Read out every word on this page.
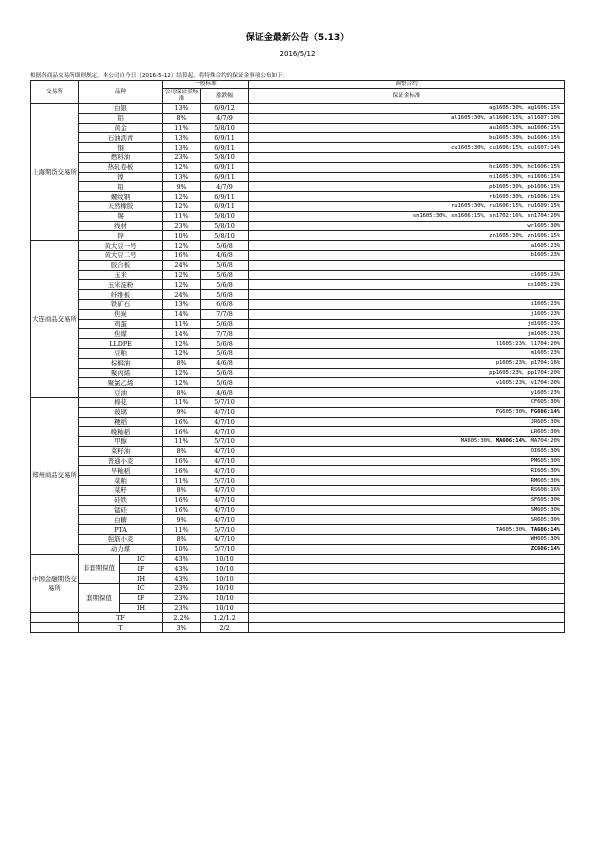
保证金最新公告（5.13）
2016/5/12
根据各商品交易所细则规定，本公司自今日（2016-5-12）结算起，将特殊合约的保证金事项公布如下：
交易所	品种		一般标准		调整合约
			公司保证金标准	涨跌幅	保证金标准
上海期货交易所	白银		13%	6/9/12	ag1605:30%，ag1606:15%
	铝		8%	4/7/9	al1605:30%，al1606:15%，al1607:10%
	黄金		11%	5/8/10	au1605:30%，au1606:15%
	石油沥青		13%	6/9/11	bu1605:30%，bu1606:15%
	铜		13%	6/9/11	cu1605:30%，cu1606:15%，cu1607:14%
	燃料油		23%	5/8/10	
	热轧卷板		12%	6/9/11	hc1605:30%，hc1606:15%
	镍		13%	6/9/11	ni1605:30%，ni1606:15%
	铅		9%	4/7/9	pb1605:30%，pb1606:15%
	螺纹钢		12%	6/9/11	rb1605:30%，rb1606:15%
	天然橡胶		12%	6/9/11	ru1605:30%，ru1606:15%，ru1609:15%
	锡		11%	5/8/10	sn1605:30%，sn1606:15%，sn1702:16%，sn1704:20%
	线材		23%	5/8/10	wr1605:30%
	锌		10%	5/8/10	zn1605:30%，zn1606:15%
大连商品交易所	黄大豆一号		12%	5/6/8	a1605:23%
	黄大豆二号		16%	4/6/8	b1605:23%
	胶合板		24%	5/6/8	
	玉米		12%	5/6/8	c1605:23%
	玉米淀粉		12%	5/6/8	cs1605:23%
	纤维板		24%	5/6/8	
	铁矿石		13%	6/6/8	i1605:23%
	焦炭		14%	7/7/8	j1605:23%
	鸡蛋		11%	5/6/8	jd1605:23%
	焦煤		14%	7/7/8	jm1605:23%
	LLDPE		12%	5/6/8	l1605:23%，l1704:20%
	豆粕		12%	5/6/8	m1605:23%
	棕榈油		8%	4/6/8	p1605:23%，p1704:16%
	聚丙烯		12%	5/6/8	pp1605:23%，pp1704:20%
	聚氯乙烯		12%	5/6/8	v1605:23%，v1704:20%
	豆油		8%	4/6/8	y1605:23%
郑州商品交易所	棉花		11%	5/7/10	CF605:30%
	玻璃		9%	4/7/10	FG605:30%，FG606:14%
	粳稻		16%	4/7/10	JR605:30%
	晚籼稻		16%	4/7/10	LR605:30%
	甲醇		11%	5/7/10	MA605:30%，MA606:14%，MA704:20%
	菜籽油		8%	4/7/10	OI605:30%
	普通小麦		16%	4/7/10	PM605:30%
	早籼稻		16%	4/7/10	RI605:30%
	菜粕		11%	5/7/10	RM605:30%
	菜籽		8%	4/7/10	RS608:16%
	硅铁		16%	4/7/10	SF605:30%
	锰硅		16%	4/7/10	SM605:30%
	白糖		9%	4/7/10	SR605:30%
	PTA		11%	5/7/10	TA605:30%，TA606:14%
	强筋小麦		8%	4/7/10	WH605:30%
	动力煤		10%	5/7/10	ZC606:14%
中国金融期货交易所	非套期保值	IC	43%	10/10	
		IF	43%	10/10	
		IH	43%	10/10	
	套期保值	IC	23%	10/10	
		IF	23%	10/10	
		IH	23%	10/10	
	TF		2.2%	1.2/1.2	
	T		3%	2/2	
